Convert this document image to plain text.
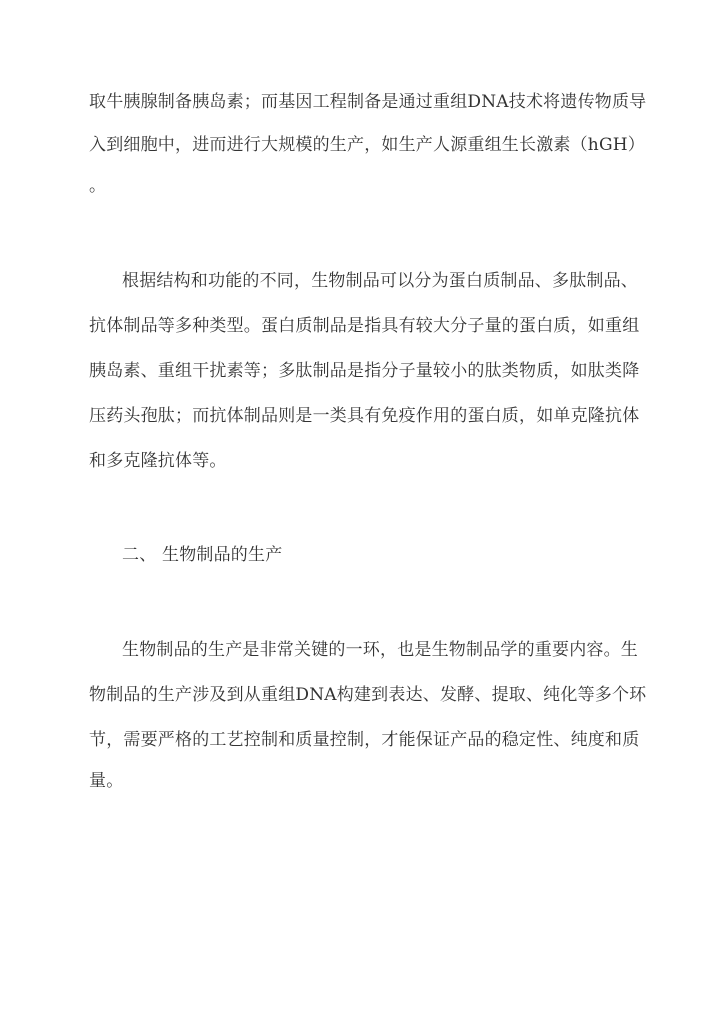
取牛胰腺制备胰岛素；而基因工程制备是通过重组DNA技术将遗传物质导
入到细胞中，进而进行大规模的生产，如生产人源重组生长激素（hGH）
。
根据结构和功能的不同，生物制品可以分为蛋白质制品、多肽制品、
抗体制品等多种类型。蛋白质制品是指具有较大分子量的蛋白质，如重组
胰岛素、重组干扰素等；多肽制品是指分子量较小的肽类物质，如肽类降
压药头孢肽；而抗体制品则是一类具有免疫作用的蛋白质，如单克隆抗体
和多克隆抗体等。
二、 生物制品的生产
生物制品的生产是非常关键的一环，也是生物制品学的重要内容。生
物制品的生产涉及到从重组DNA构建到表达、发酵、提取、纯化等多个环
节，需要严格的工艺控制和质量控制，才能保证产品的稳定性、纯度和质
量。
